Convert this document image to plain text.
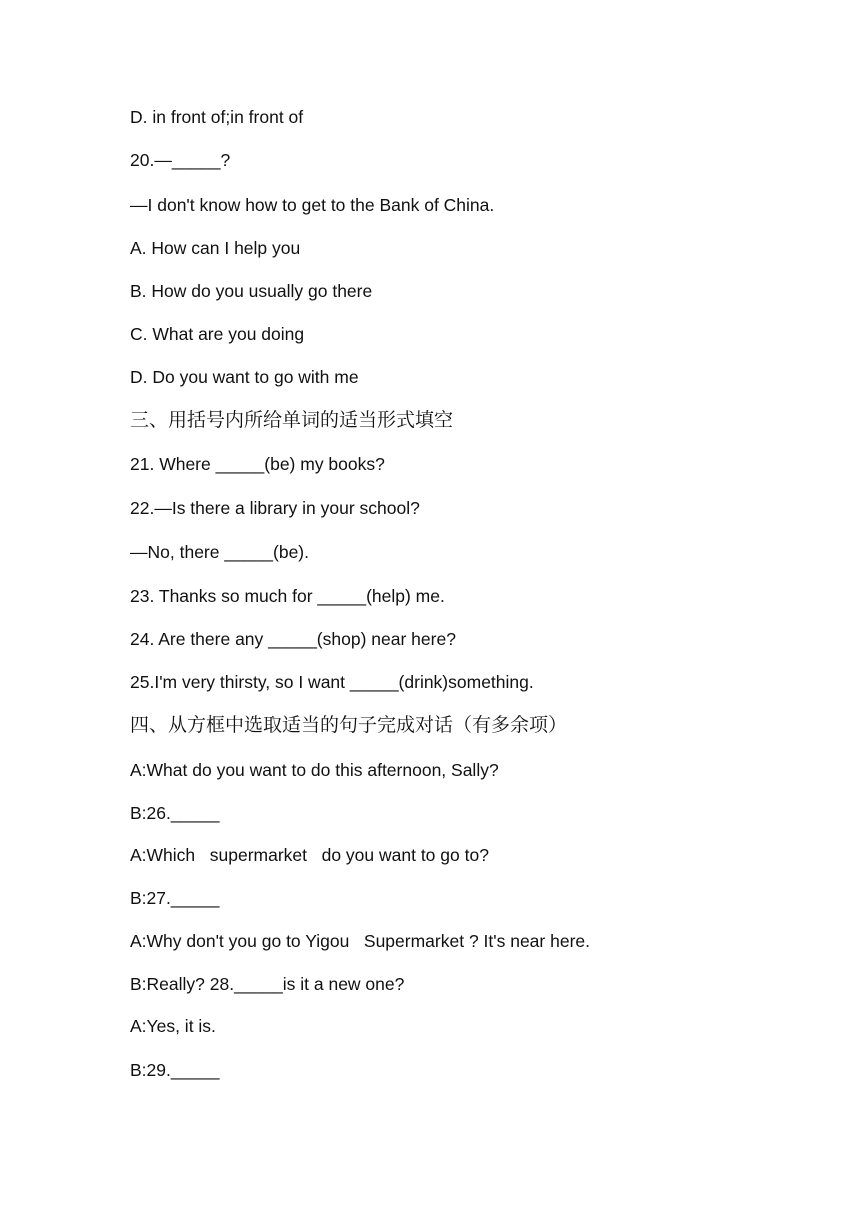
D. in front of;in front of

20.—_____?

—I don't know how to get to the Bank of China.

A. How can I help you

B. How do you usually go there

C. What are you doing

D. Do you want to go with me

三、用括号内所给单词的适当形式填空

21. Where _____(be) my books?

22.—Is there a library in your school?

—No, there _____(be).

23. Thanks so much for _____(help) me.

24. Are there any _____(shop) near here?

25.I'm very thirsty, so I want _____(drink)something.

四、从方框中选取适当的句子完成对话（有多余项）

A:What do you want to do this afternoon, Sally?

B:26._____

A:Which   supermarket   do you want to go to?

B:27._____

A:Why don't you go to Yigou   Supermarket ? It's near here.

B:Really? 28._____is it a new one?

A:Yes, it is.

B:29._____
